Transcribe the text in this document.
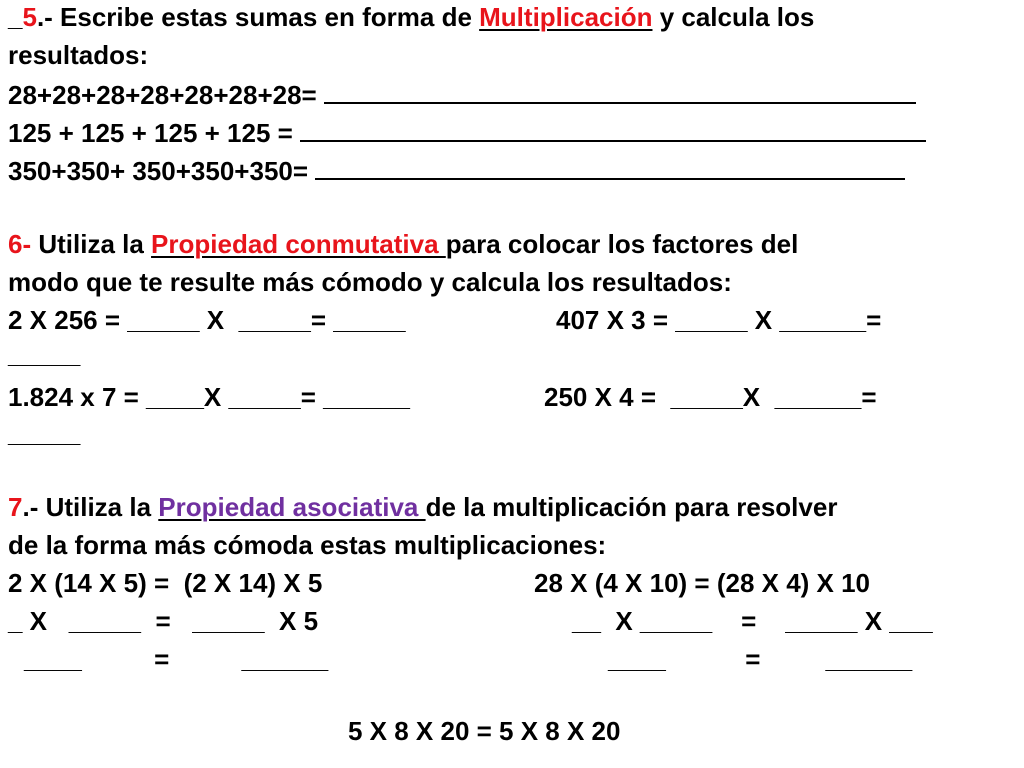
_5.- Escribe estas sumas en forma de Multiplicación y calcula los
resultados:
28+28+28+28+28+28+28=
125 + 125 + 125 + 125 =
350+350+ 350+350+350=
6- Utiliza la Propiedad conmutativa para colocar los factores del
modo que te resulte más cómodo y calcula los resultados:
2 X 256 = _____ X  _____= _____	407 X 3 = _____ X ______=
_____
1.824 x 7 = ____X _____= ______	250 X 4 =  _____X  ______=
_____
7.- Utiliza la Propiedad asociativa de la multiplicación para resolver
de la forma más cómoda estas multiplicaciones:
2 X (14 X 5) =  (2 X 14) X 5	28 X (4 X 10) = (28 X 4) X 10
_ X   _____  =   _____  X 5	__  X _____    =    _____ X ___
____          =          ______	____           =         ______
5 X 8 X 20 = 5 X 8 X 20
